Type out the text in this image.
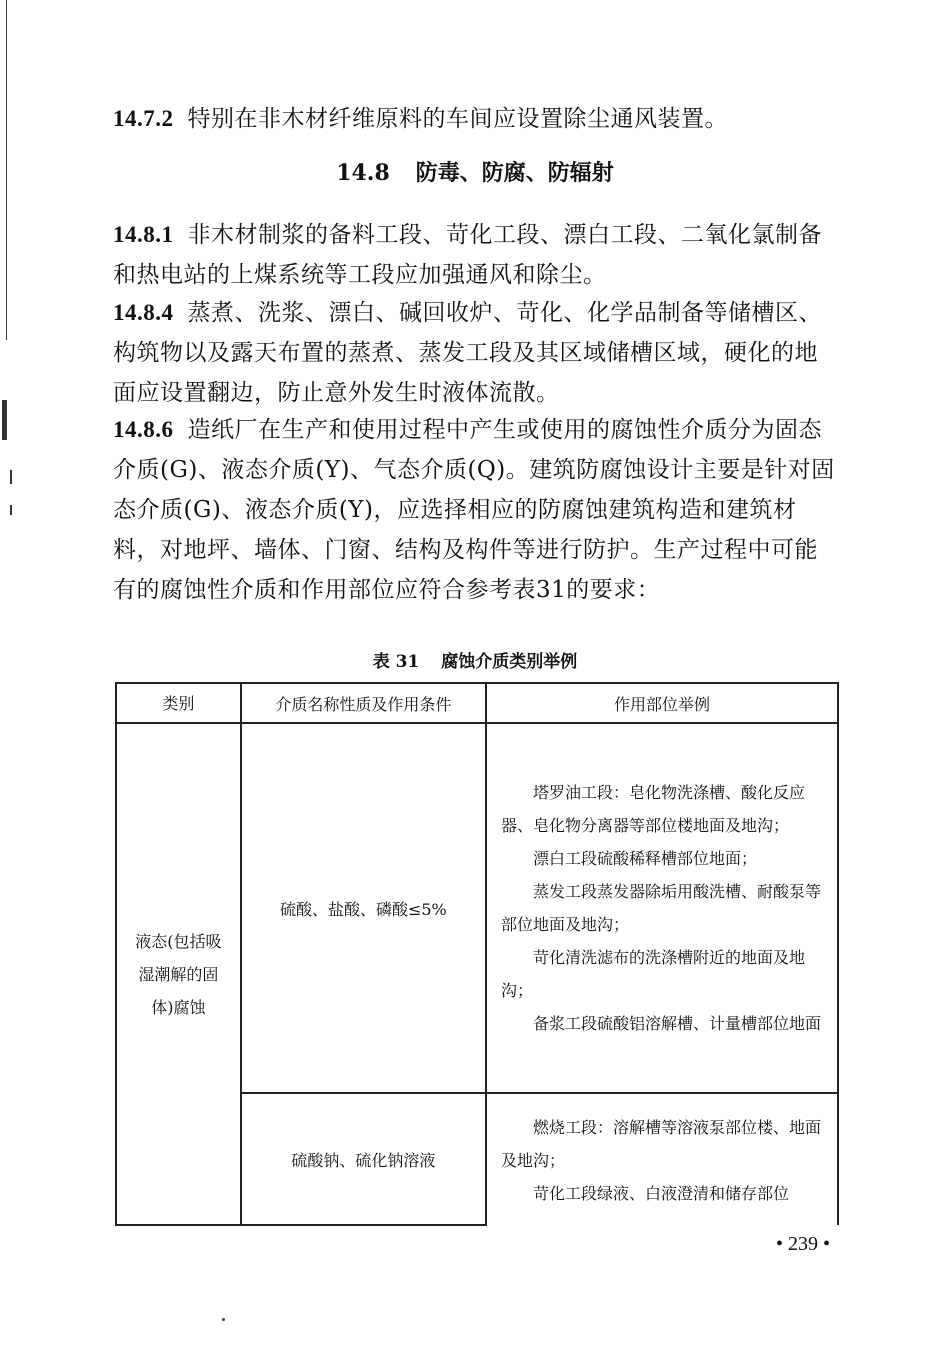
14.7.2 特别在非木材纤维原料的车间应设置除尘通风装置。
14.8 防毒、防腐、防辐射
14.8.1 非木材制浆的备料工段、苛化工段、漂白工段、二氧化氯制备和热电站的上煤系统等工段应加强通风和除尘。
14.8.4 蒸煮、洗浆、漂白、碱回收炉、苛化、化学品制备等储槽区、构筑物以及露天布置的蒸煮、蒸发工段及其区域储槽区域，硬化的地面应设置翻边，防止意外发生时液体流散。
14.8.6 造纸厂在生产和使用过程中产生或使用的腐蚀性介质分为固态介质(G)、液态介质(Y)、气态介质(Q)。建筑防腐蚀设计主要是针对固态介质(G)、液态介质(Y)，应选择相应的防腐蚀建筑构造和建筑材料，对地坪、墙体、门窗、结构及构件等进行防护。生产过程中可能有的腐蚀性介质和作用部位应符合参考表31的要求：
表 31 腐蚀介质类别举例
类别	介质名称性质及作用条件	作用部位举例

液态(包括吸湿潮解的固体)腐蚀	硫酸、盐酸、磷酸≤5%	塔罗油工段：皂化物洗涤槽、酸化反应器、皂化物分离器等部位楼地面及地沟；

漂白工段硫酸稀释槽部位地面；

蒸发工段蒸发器除垢用酸洗槽、耐酸泵等部位地面及地沟；

苛化清洗滤布的洗涤槽附近的地面及地沟；

备浆工段硫酸铝溶解槽、计量槽部位地面

	硫酸钠、硫化钠溶液	燃烧工段：溶解槽等溶液泵部位楼、地面及地沟；

苛化工段绿液、白液澄清和储存部位

• 239 •
